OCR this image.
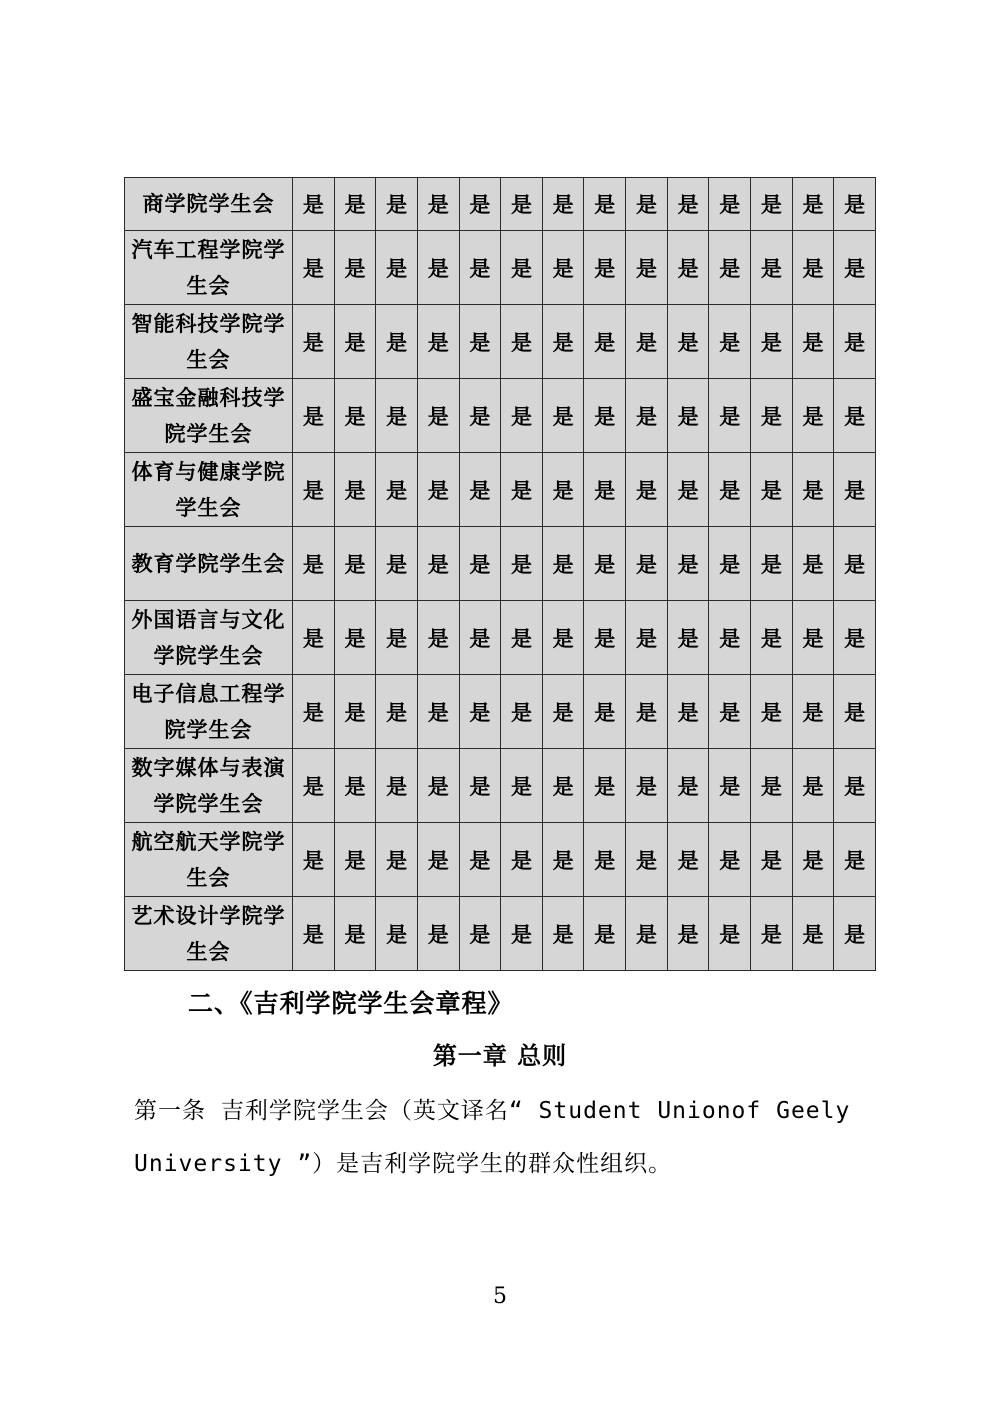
商学院学生会	是	是	是	是	是	是	是	是	是	是	是	是	是	是
汽车工程学院学生会	是	是	是	是	是	是	是	是	是	是	是	是	是	是
智能科技学院学生会	是	是	是	是	是	是	是	是	是	是	是	是	是	是
盛宝金融科技学院学生会	是	是	是	是	是	是	是	是	是	是	是	是	是	是
体育与健康学院学生会	是	是	是	是	是	是	是	是	是	是	是	是	是	是
教育学院学生会	是	是	是	是	是	是	是	是	是	是	是	是	是	是
外国语言与文化学院学生会	是	是	是	是	是	是	是	是	是	是	是	是	是	是
电子信息工程学院学生会	是	是	是	是	是	是	是	是	是	是	是	是	是	是
数字媒体与表演学院学生会	是	是	是	是	是	是	是	是	是	是	是	是	是	是
航空航天学院学生会	是	是	是	是	是	是	是	是	是	是	是	是	是	是
艺术设计学院学生会	是	是	是	是	是	是	是	是	是	是	是	是	是	是
二、《吉利学院学生会章程》
第一章 总则
第一条 吉利学院学生会（英文译名“ Student Unionof Geely University ”）是吉利学院学生的群众性组织。
5
